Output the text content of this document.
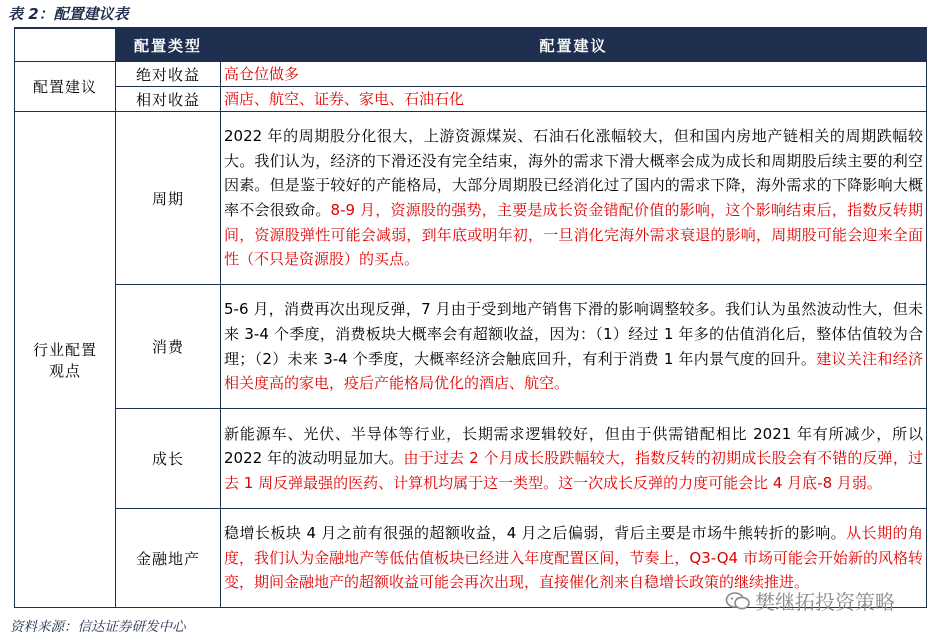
表 2：配置建议表
	配置类型	配置建议
配置建议	绝对收益	高仓位做多
	相对收益	酒店、航空、证券、家电、石油石化
行业配置观点	周期	2022 年的周期股分化很大，上游资源煤炭、石油石化涨幅较大，但和国内房地产链相关的周期跌幅较大。我们认为，经济的下滑还没有完全结束，海外的需求下滑大概率会成为成长和周期股后续主要的利空因素。但是鉴于较好的产能格局，大部分周期股已经消化过了国内的需求下降，海外需求的下降影响大概率不会很致命。8-9 月，资源股的强势，主要是成长资金错配价值的影响，这个影响结束后，指数反转期间，资源股弹性可能会减弱，到年底或明年初，一旦消化完海外需求衰退的影响，周期股可能会迎来全面性（不只是资源股）的买点。
	消费	5-6 月，消费再次出现反弹，7 月由于受到地产销售下滑的影响调整较多。我们认为虽然波动性大，但未来 3-4 个季度，消费板块大概率会有超额收益，因为：（1）经过 1 年多的估值消化后，整体估值较为合理；（2）未来 3-4 个季度，大概率经济会触底回升，有利于消费 1 年内景气度的回升。建议关注和经济相关度高的家电，疫后产能格局优化的酒店、航空。
	成长	新能源车、光伏、半导体等行业，长期需求逻辑较好，但由于供需错配相比 2021 年有所减少，所以 2022 年的波动明显加大。由于过去 2 个月成长股跌幅较大，指数反转的初期成长股会有不错的反弹，过去 1 周反弹最强的医药、计算机均属于这一类型。这一次成长反弹的力度可能会比 4 月底-8 月弱。
	金融地产	稳增长板块 4 月之前有很强的超额收益，4 月之后偏弱，背后主要是市场牛熊转折的影响。从长期的角度，我们认为金融地产等低估值板块已经进入年度配置区间，节奏上，Q3-Q4 市场可能会开始新的风格转变，期间金融地产的超额收益可能会再次出现，直接催化剂来自稳增长政策的继续推进。
樊继拓投资策略
资料来源：信达证券研发中心
